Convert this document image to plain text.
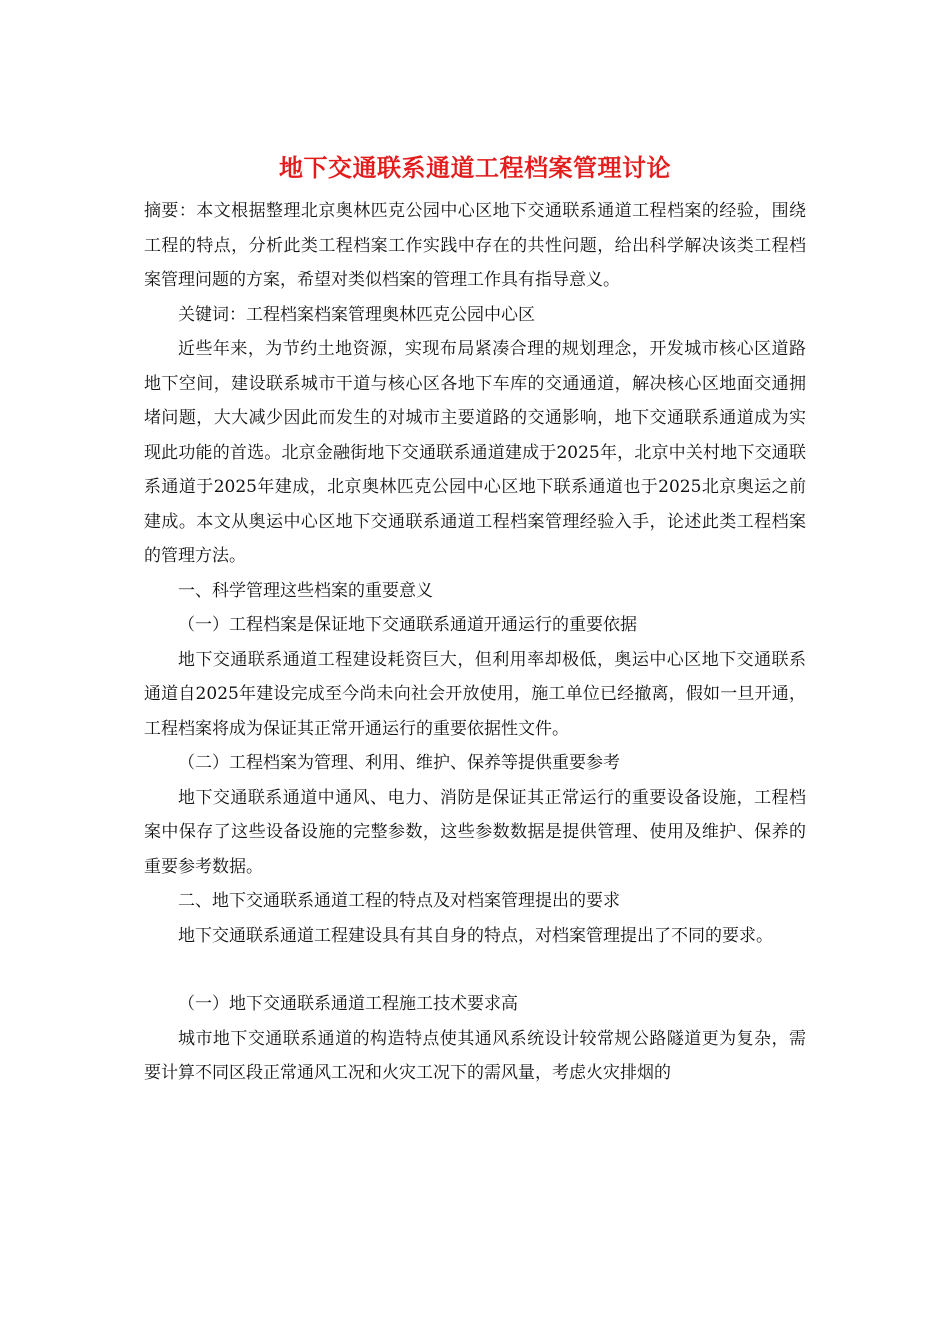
地下交通联系通道工程档案管理讨论

摘要：本文根据整理北京奥林匹克公园中心区地下交通联系通道工程档案的经验，围绕工程的特点，分析此类工程档案工作实践中存在的共性问题，给出科学解决该类工程档案管理问题的方案，希望对类似档案的管理工作具有指导意义。

关键词：工程档案档案管理奥林匹克公园中心区

近些年来，为节约土地资源，实现布局紧凑合理的规划理念，开发城市核心区道路地下空间，建设联系城市干道与核心区各地下车库的交通通道，解决核心区地面交通拥堵问题，大大减少因此而发生的对城市主要道路的交通影响，地下交通联系通道成为实现此功能的首选。北京金融街地下交通联系通道建成于2025年，北京中关村地下交通联系通道于2025年建成，北京奥林匹克公园中心区地下联系通道也于2025北京奥运之前建成。本文从奥运中心区地下交通联系通道工程档案管理经验入手，论述此类工程档案的管理方法。

一、科学管理这些档案的重要意义

（一）工程档案是保证地下交通联系通道开通运行的重要依据

地下交通联系通道工程建设耗资巨大，但利用率却极低，奥运中心区地下交通联系通道自2025年建设完成至今尚未向社会开放使用，施工单位已经撤离，假如一旦开通，工程档案将成为保证其正常开通运行的重要依据性文件。

（二）工程档案为管理、利用、维护、保养等提供重要参考

地下交通联系通道中通风、电力、消防是保证其正常运行的重要设备设施，工程档案中保存了这些设备设施的完整参数，这些参数数据是提供管理、使用及维护、保养的重要参考数据。

二、地下交通联系通道工程的特点及对档案管理提出的要求

地下交通联系通道工程建设具有其自身的特点，对档案管理提出了不同的要求。

（一）地下交通联系通道工程施工技术要求高

城市地下交通联系通道的构造特点使其通风系统设计较常规公路隧道更为复杂，需要计算不同区段正常通风工况和火灾工况下的需风量，考虑火灾排烟的
